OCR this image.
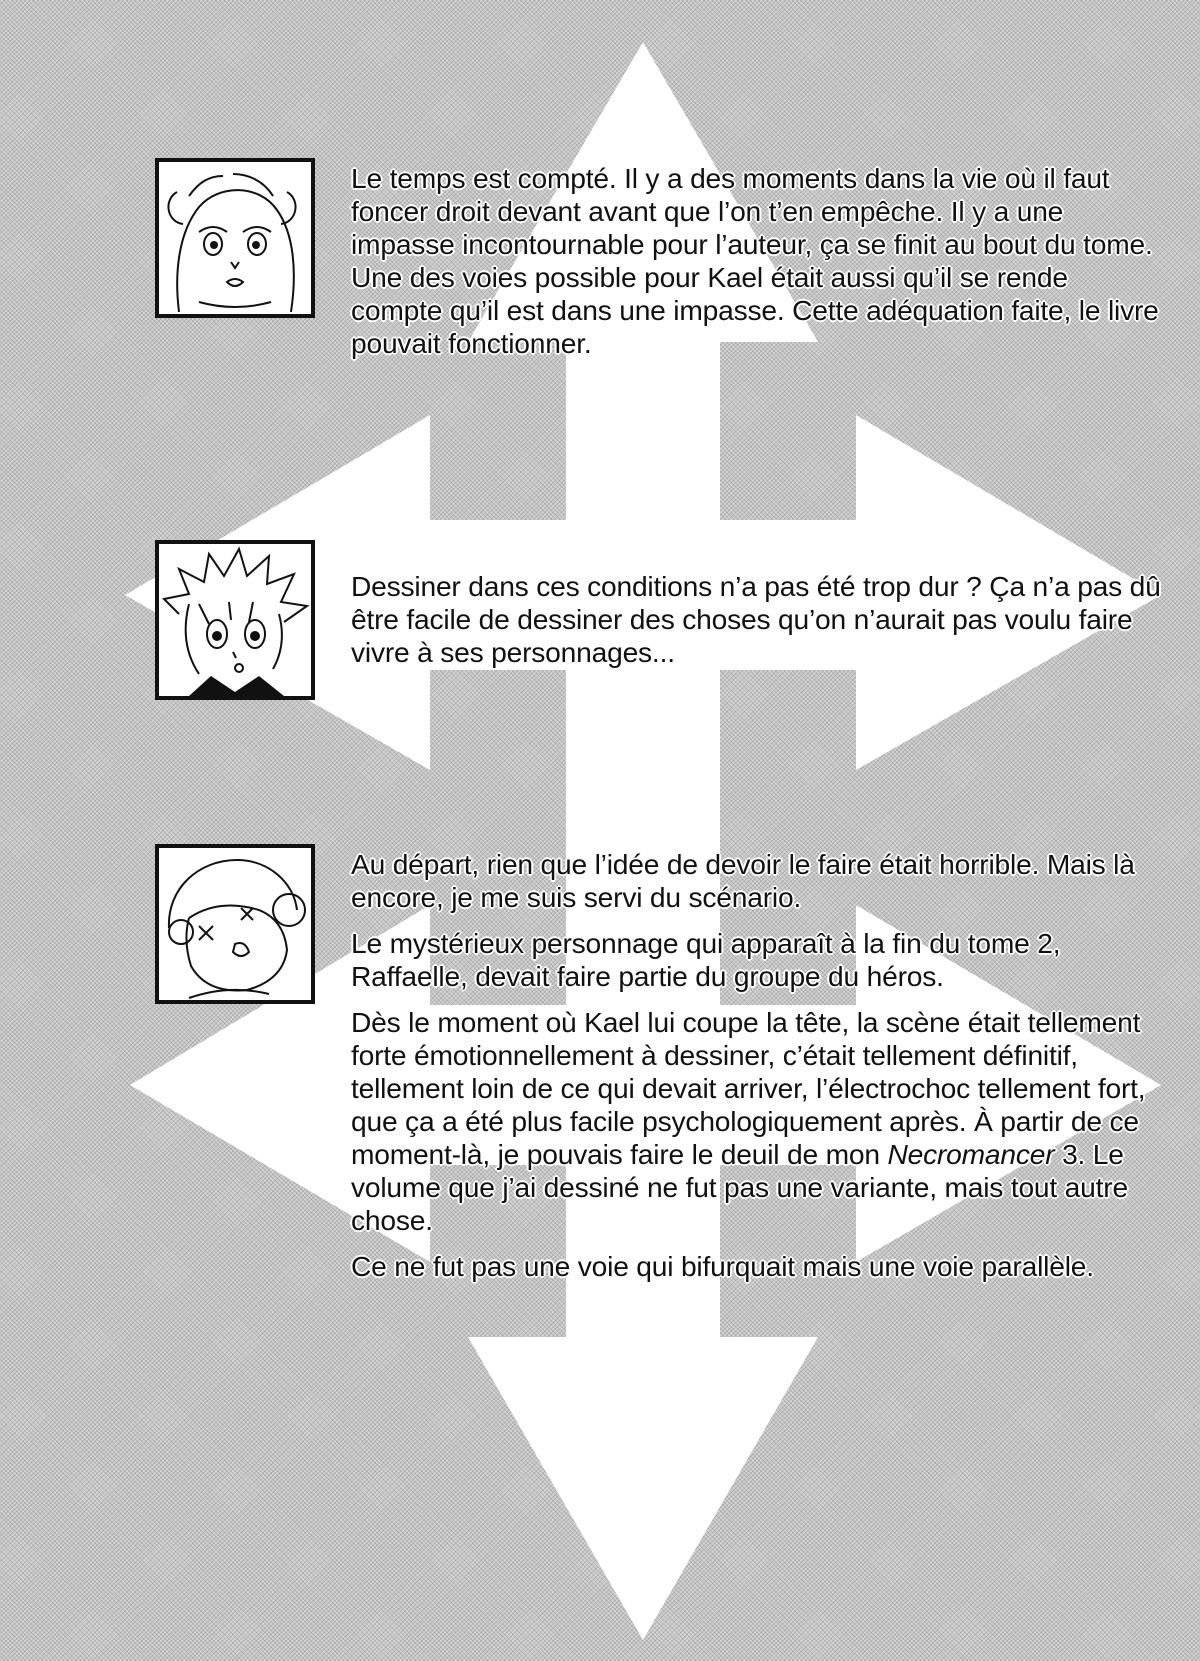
Le temps est compté. Il y a des moments dans la vie où il faut foncer droit devant avant que l’on t’en empêche. Il y a une impasse incontournable pour l’auteur, ça se finit au bout du tome. Une des voies possible pour Kael était aussi qu’il se rende compte qu’il est dans une impasse. Cette adéquation faite, le livre pouvait fonctionner.

Dessiner dans ces conditions n’a pas été trop dur ? Ça n’a pas dû être facile de dessiner des choses qu’on n’aurait pas voulu faire vivre à ses personnages...

Au départ, rien que l’idée de devoir le faire était horrible. Mais là encore, je me suis servi du scénario.

Le mystérieux personnage qui apparaît à la fin du tome 2, Raffaelle, devait faire partie du groupe du héros.

Dès le moment où Kael lui coupe la tête, la scène était tellement forte émotionnellement à dessiner, c’était tellement définitif, tellement loin de ce qui devait arriver, l’électrochoc tellement fort, que ça a été plus facile psychologiquement après. À partir de ce moment-là, je pouvais faire le deuil de mon Necromancer 3. Le volume que j’ai dessiné ne fut pas une variante, mais tout autre chose.

Ce ne fut pas une voie qui bifurquait mais une voie parallèle.
